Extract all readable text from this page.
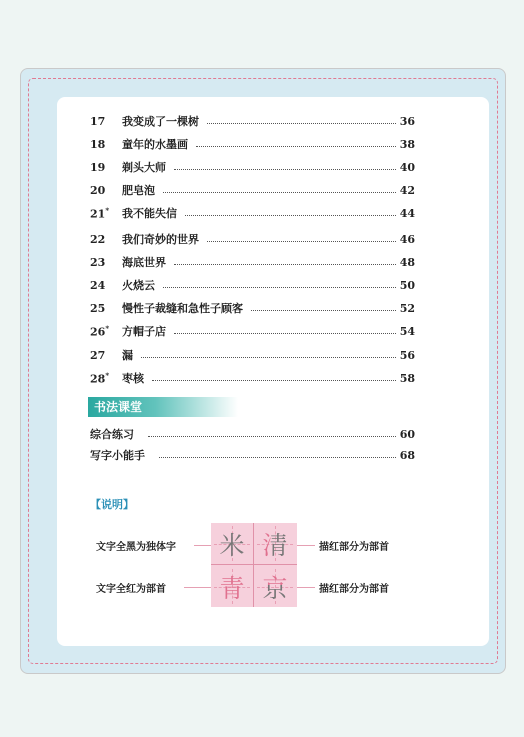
17	我变成了一棵树	36
18	童年的水墨画	38
19	剃头大师	40
20	肥皂泡	42
21*	我不能失信	44
22	我们奇妙的世界	46
23	海底世界	48
24	火烧云	50
25	慢性子裁缝和急性子顾客	52
26*	方帽子店	54
27	漏	56
28*	枣核	58
书法课堂
综合练习	60
写字小能手	68
【说明】
文字全黑为独体字
文字全红为部首
米 清
青 京
描红部分为部首
描红部分为部首
